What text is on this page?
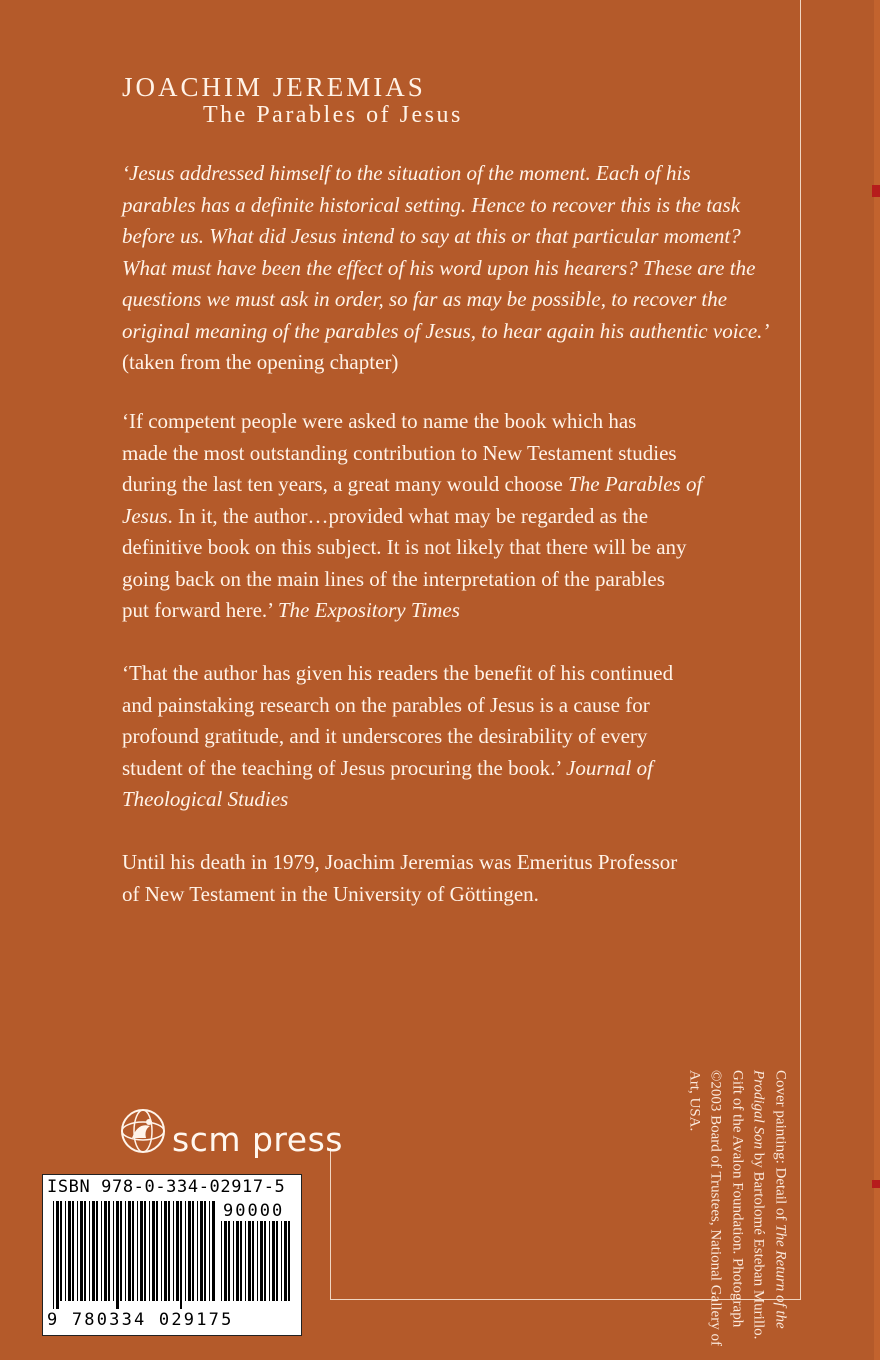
JOACHIM JEREMIAS
The Parables of Jesus
‘Jesus addressed himself to the situation of the moment. Each of his
parables has a definite historical setting. Hence to recover this is the task
before us. What did Jesus intend to say at this or that particular moment?
What must have been the effect of his word upon his hearers? These are the
questions we must ask in order, so far as may be possible, to recover the
original meaning of the parables of Jesus, to hear again his authentic voice.’
(taken from the opening chapter)
‘If competent people were asked to name the book which has
made the most outstanding contribution to New Testament studies
during the last ten years, a great many would choose The Parables of
Jesus. In it, the author…provided what may be regarded as the
definitive book on this subject. It is not likely that there will be any
going back on the main lines of the interpretation of the parables
put forward here.’ The Expository Times
‘That the author has given his readers the benefit of his continued
and painstaking research on the parables of Jesus is a cause for
profound gratitude, and it underscores the desirability of every
student of the teaching of Jesus procuring the book.’ Journal of
Theological Studies
Until his death in 1979, Joachim Jeremias was Emeritus Professor
of New Testament in the University of Göttingen.
Cover painting: Detail of The Return of the Prodigal Son by Bartolomé Esteban Murillo. Gift of the Avalon Foundation. Photograph ©2003 Board of Trustees, National Gallery of Art, USA.
scm press
ISBN 978-0-334-02917-5
90000
9 780334 029175
